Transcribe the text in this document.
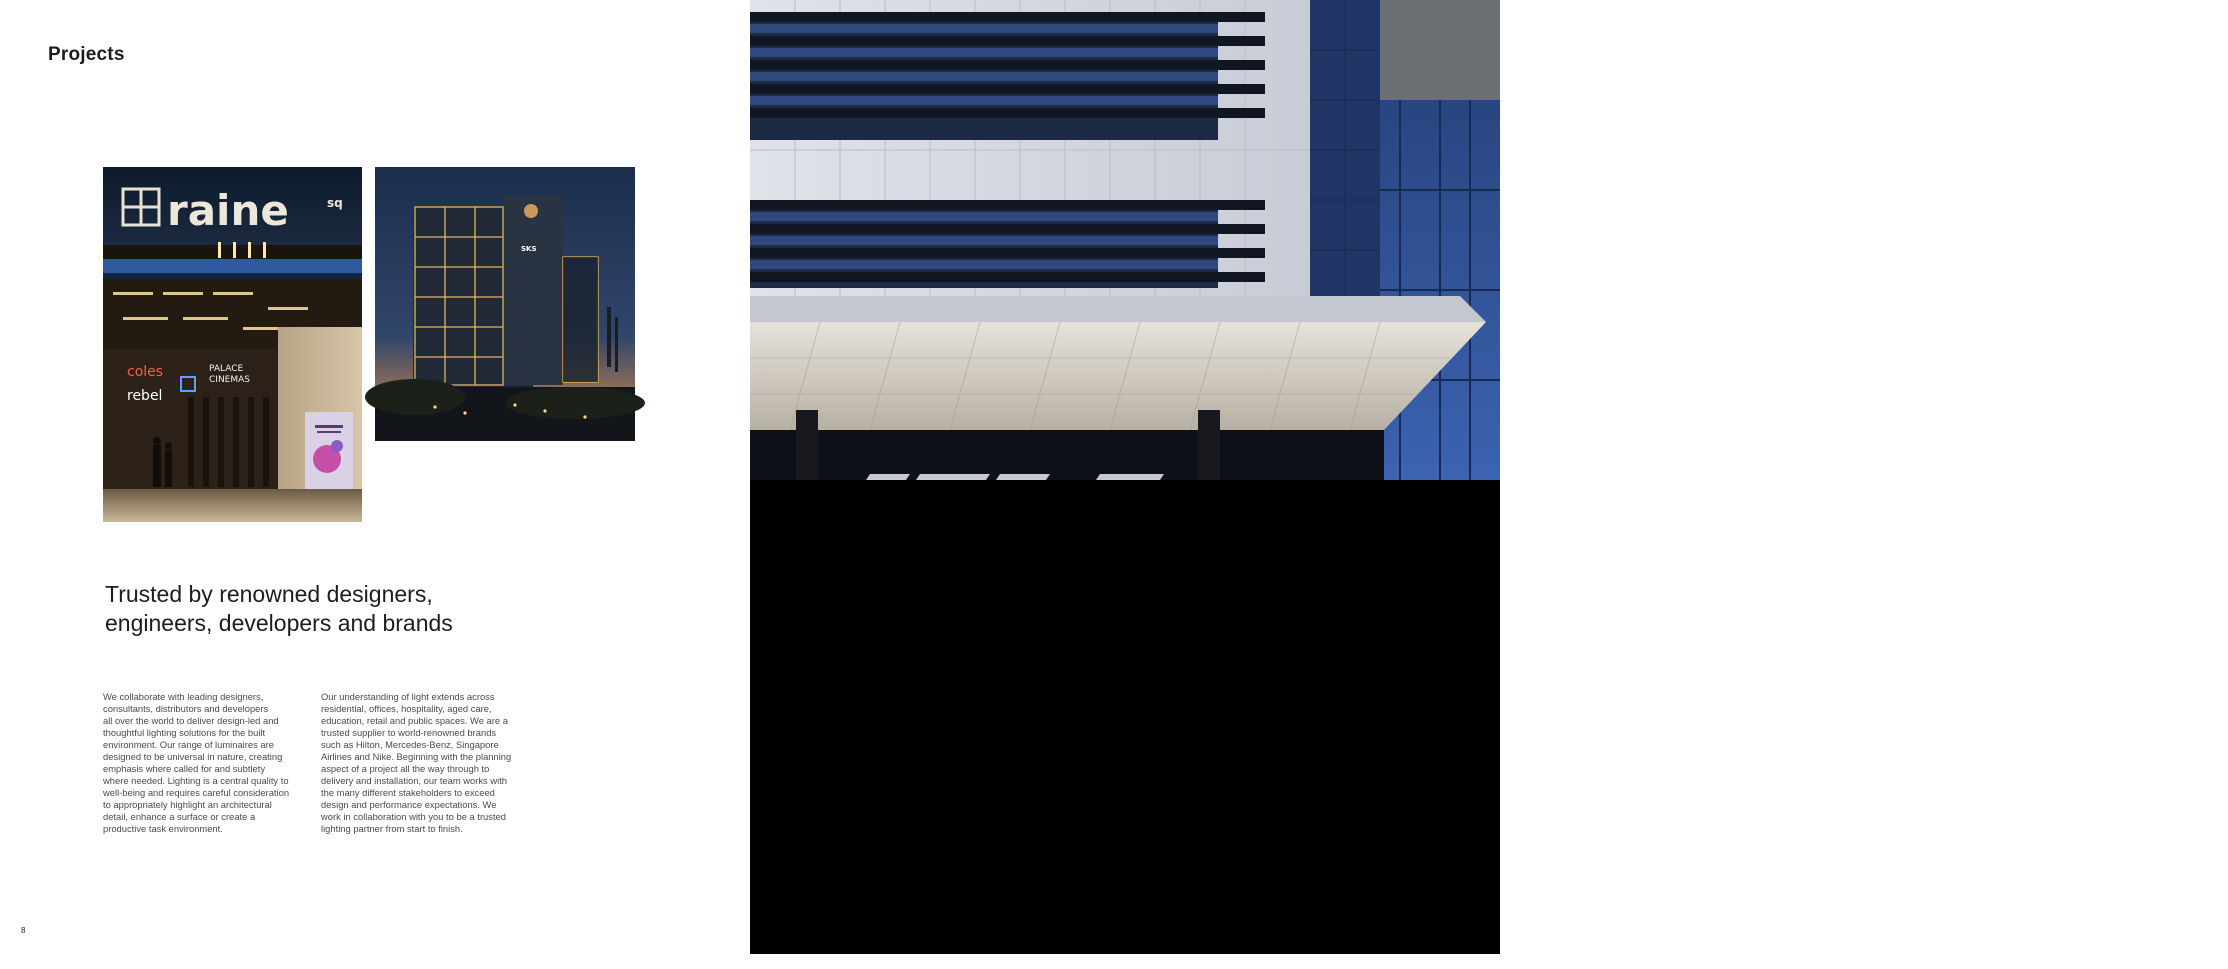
Projects
raine	sq
coles
rebel
PALACE
CINEMAS
SKS
Trusted by renowned designers,
engineers, developers and brands

We collaborate with leading designers,
consultants, distributors and developers
all over the world to deliver design-led and
thoughtful lighting solutions for the built
environment. Our range of luminaires are
designed to be universal in nature, creating
emphasis where called for and subtlety
where needed. Lighting is a central quality to
well-being and requires careful consideration
to appropriately highlight an architectural
detail, enhance a surface or create a
productive task environment.

Our understanding of light extends across
residential, offices, hospitality, aged care,
education, retail and public spaces. We are a
trusted supplier to world-renowned brands
such as Hilton, Mercedes-Benz, Singapore
Airlines and Nike. Beginning with the planning
aspect of a project all the way through to
delivery and installation, our team works with
the many different stakeholders to exceed
design and performance expectations. We
work in collaboration with you to be a trusted
lighting partner from start to finish.

8	挖家网 wajiawang.com
unios.com	9
